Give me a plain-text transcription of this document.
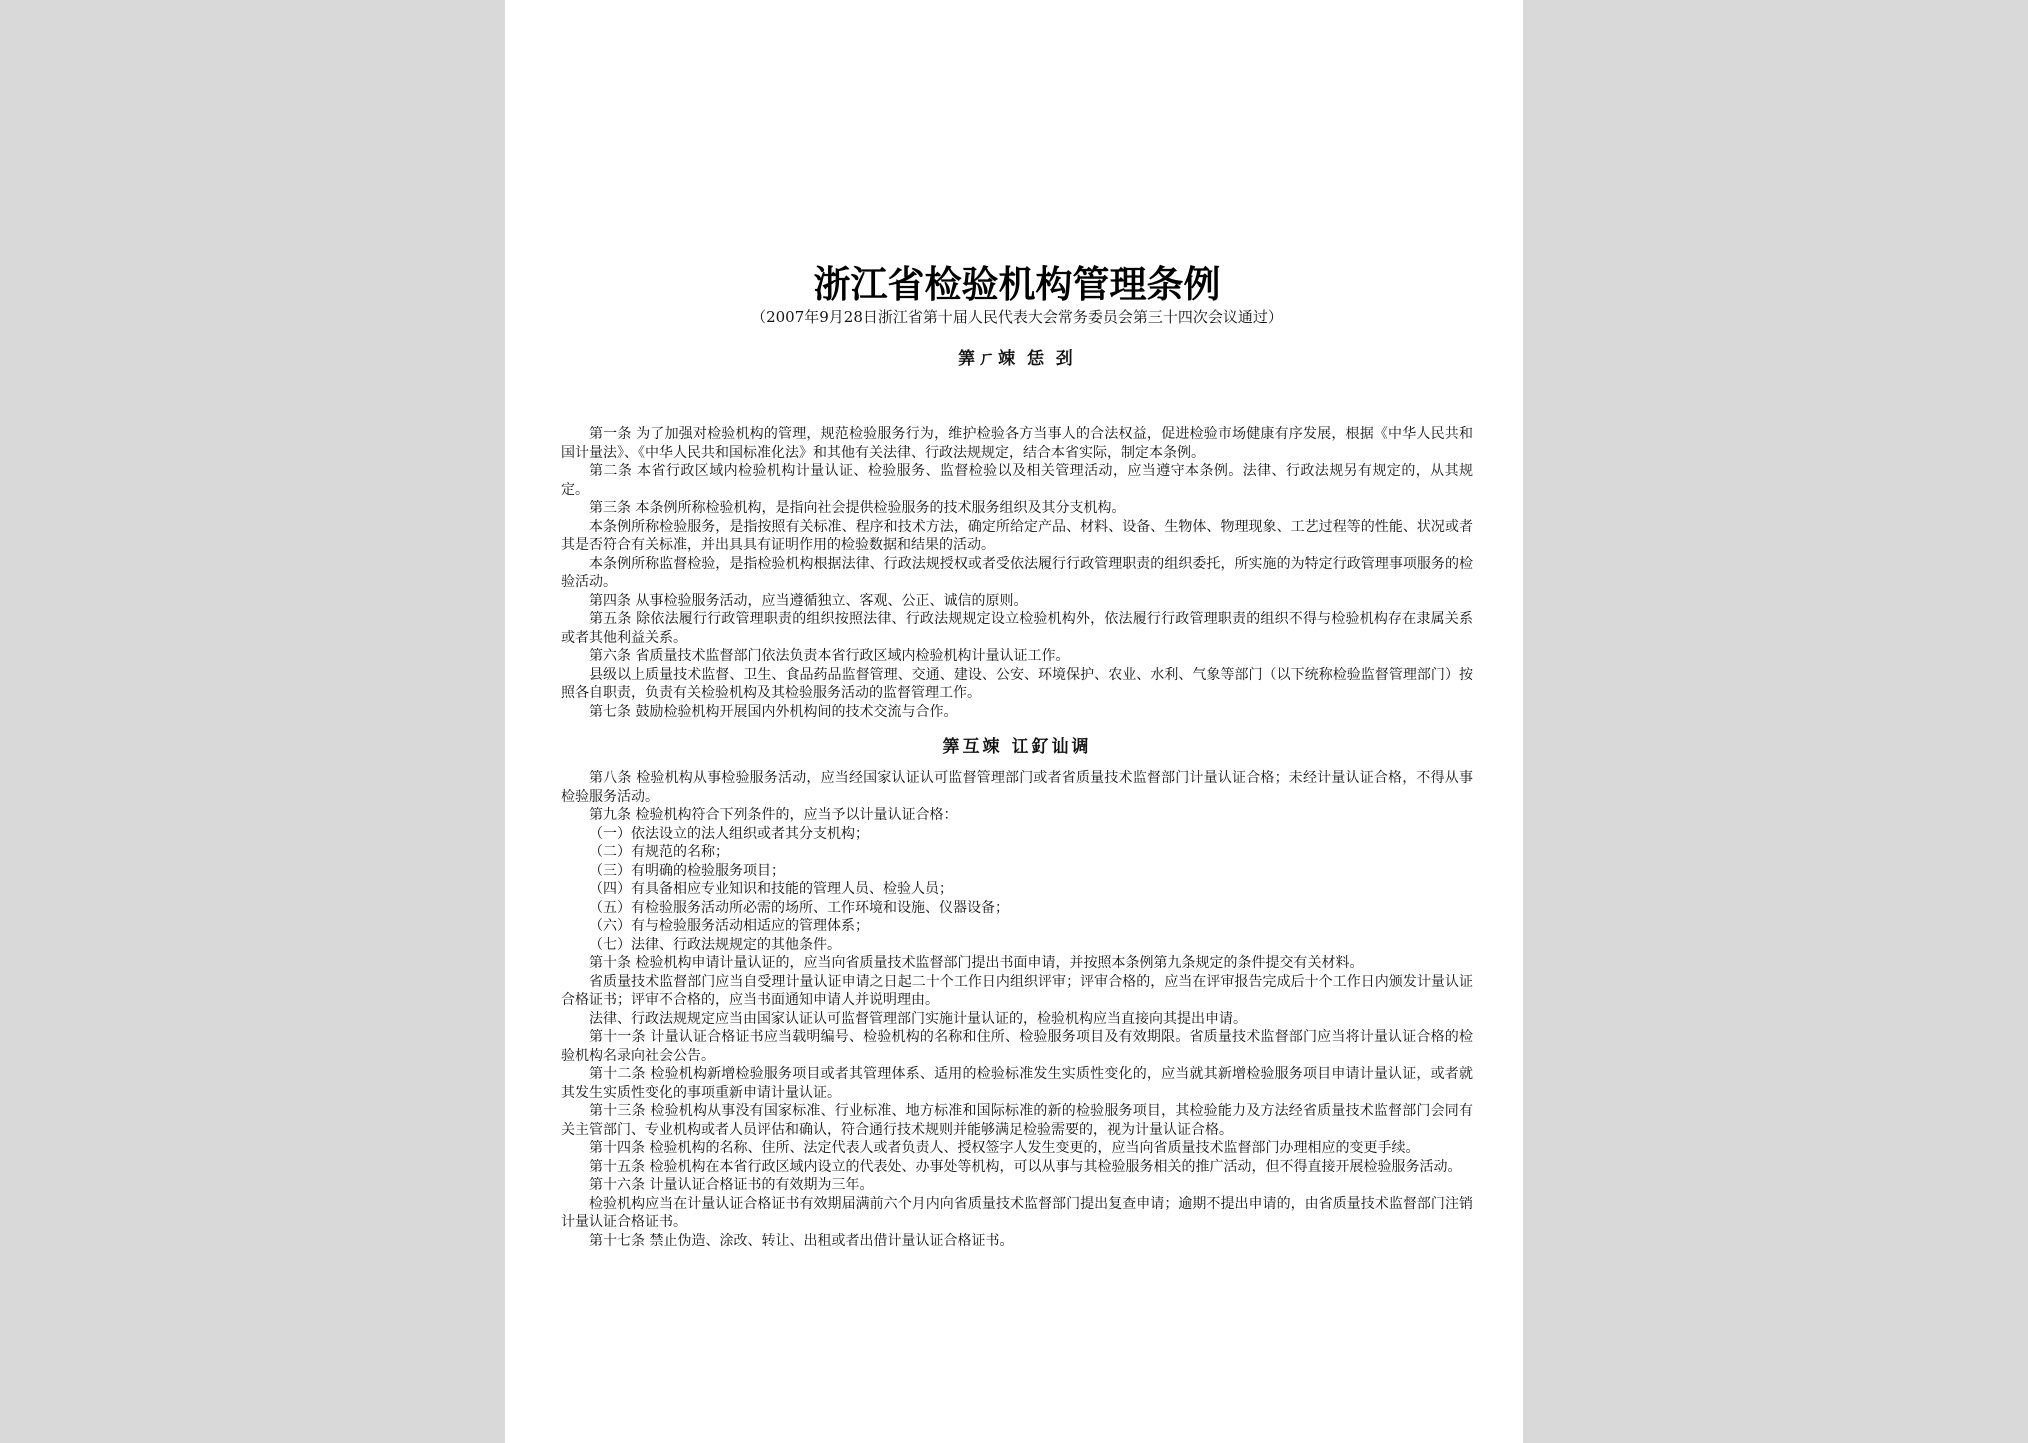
浙江省检验机构管理条例

（2007年9月28日浙江省第十届人民代表大会常务委员会第三十四次会议通过）

筭ㄏ竦 恁 刭

第一条 为了加强对检验机构的管理，规范检验服务行为，维护检验各方当事人的合法权益，促进检验市场健康有序发展，根据《中华人民共和国计量法》、《中华人民共和国标准化法》和其他有关法律、行政法规规定，结合本省实际，制定本条例。

第二条 本省行政区域内检验机构计量认证、检验服务、监督检验以及相关管理活动，应当遵守本条例。法律、行政法规另有规定的，从其规定。

第三条 本条例所称检验机构，是指向社会提供检验服务的技术服务组织及其分支机构。

本条例所称检验服务，是指按照有关标准、程序和技术方法，确定所给定产品、材料、设备、生物体、物理现象、工艺过程等的性能、状况或者其是否符合有关标准，并出具具有证明作用的检验数据和结果的活动。

本条例所称监督检验，是指检验机构根据法律、行政法规授权或者受依法履行行政管理职责的组织委托，所实施的为特定行政管理事项服务的检验活动。

第四条 从事检验服务活动，应当遵循独立、客观、公正、诚信的原则。

第五条 除依法履行行政管理职责的组织按照法律、行政法规规定设立检验机构外，依法履行行政管理职责的组织不得与检验机构存在隶属关系或者其他利益关系。

第六条 省质量技术监督部门依法负责本省行政区域内检验机构计量认证工作。

县级以上质量技术监督、卫生、食品药品监督管理、交通、建设、公安、环境保护、农业、水利、气象等部门（以下统称检验监督管理部门）按照各自职责，负责有关检验机构及其检验服务活动的监督管理工作。

第七条 鼓励检验机构开展国内外机构间的技术交流与合作。

筭互竦 讧釕讪调

第八条 检验机构从事检验服务活动，应当经国家认证认可监督管理部门或者省质量技术监督部门计量认证合格；未经计量认证合格，不得从事检验服务活动。

第九条 检验机构符合下列条件的，应当予以计量认证合格：

（一）依法设立的法人组织或者其分支机构；

（二）有规范的名称；

（三）有明确的检验服务项目；

（四）有具备相应专业知识和技能的管理人员、检验人员；

（五）有检验服务活动所必需的场所、工作环境和设施、仪器设备；

（六）有与检验服务活动相适应的管理体系；

（七）法律、行政法规规定的其他条件。

第十条 检验机构申请计量认证的，应当向省质量技术监督部门提出书面申请，并按照本条例第九条规定的条件提交有关材料。

省质量技术监督部门应当自受理计量认证申请之日起二十个工作日内组织评审；评审合格的，应当在评审报告完成后十个工作日内颁发计量认证合格证书；评审不合格的，应当书面通知申请人并说明理由。

法律、行政法规规定应当由国家认证认可监督管理部门实施计量认证的，检验机构应当直接向其提出申请。

第十一条 计量认证合格证书应当载明编号、检验机构的名称和住所、检验服务项目及有效期限。省质量技术监督部门应当将计量认证合格的检验机构名录向社会公告。

第十二条 检验机构新增检验服务项目或者其管理体系、适用的检验标准发生实质性变化的，应当就其新增检验服务项目申请计量认证，或者就其发生实质性变化的事项重新申请计量认证。

第十三条 检验机构从事没有国家标准、行业标准、地方标准和国际标准的新的检验服务项目，其检验能力及方法经省质量技术监督部门会同有关主管部门、专业机构或者人员评估和确认，符合通行技术规则并能够满足检验需要的，视为计量认证合格。

第十四条 检验机构的名称、住所、法定代表人或者负责人、授权签字人发生变更的，应当向省质量技术监督部门办理相应的变更手续。

第十五条 检验机构在本省行政区域内设立的代表处、办事处等机构，可以从事与其检验服务相关的推广活动，但不得直接开展检验服务活动。

第十六条 计量认证合格证书的有效期为三年。

检验机构应当在计量认证合格证书有效期届满前六个月内向省质量技术监督部门提出复查申请；逾期不提出申请的，由省质量技术监督部门注销计量认证合格证书。

第十七条 禁止伪造、涂改、转让、出租或者出借计量认证合格证书。
